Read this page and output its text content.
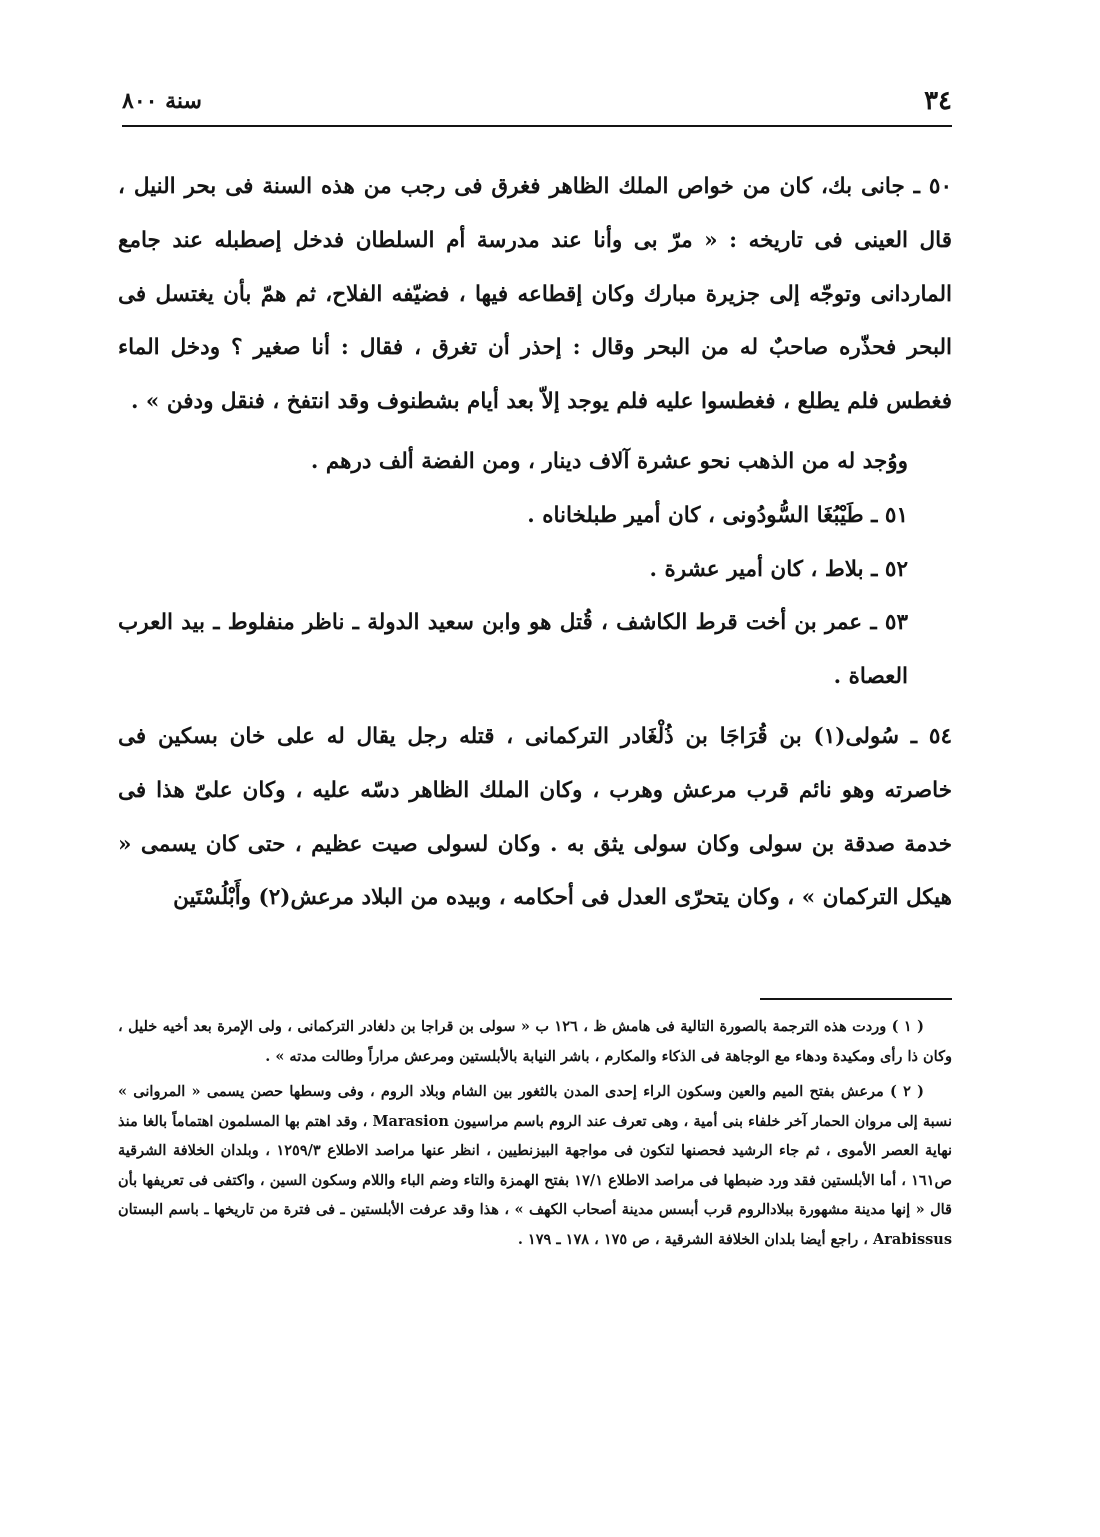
٣٤
سنة ٨٠٠

٥٠ ـ جانى بك، كان من خواص الملك الظاهر فغرق فى رجب من هذه السنة فى بحر النيل ، قال العينى فى تاريخه : « مرّ بى وأنا عند مدرسة أم السلطان فدخل إصطبله عند جامع الماردانى وتوجّه إلى جزيرة مبارك وكان إقطاعه فيها ، فضيّفه الفلاح، ثم همّ بأن يغتسل فى البحر فحذّره صاحبٌ له من البحر وقال : إحذر أن تغرق ، فقال : أنا صغير ؟ ودخل الماء فغطس فلم يطلع ، فغطسوا عليه فلم يوجد إلاّ بعد أيام بشطنوف وقد انتفخ ، فنقل ودفن » .

ووُجد له من الذهب نحو عشرة آلاف دينار ، ومن الفضة ألف درهم .

٥١ ـ طَيْبُغَا السُّودُونى ، كان أمير طبلخاناه .

٥٢ ـ بلاط ، كان أمير عشرة .

٥٣ ـ عمر بن أخت قرط الكاشف ، قُتل هو وابن سعيد الدولة ـ ناظر منفلوط ـ بيد العرب العصاة .

٥٤ ـ سُولى(١) بن قُرَاجَا بن ذُلْغَادر التركمانى ، قتله رجل يقال له على خان بسكين فى خاصرته وهو نائم قرب مرعش وهرب ، وكان الملك الظاهر دسّه عليه ، وكان علىّ هذا فى خدمة صدقة بن سولى وكان سولى يثق به . وكان لسولى صيت عظيم ، حتى كان يسمى « هيكل التركمان » ، وكان يتحرّى العدل فى أحكامه ، وبيده من البلاد مرعش(٢) وأَبْلُسْتَين

( ١ ) وردت هذه الترجمة بالصورة التالية فى هامش ظ ، ١٢٦ ب « سولى بن قراجا بن دلغادر التركمانى ، ولى الإمرة بعد أخيه خليل ، وكان ذا رأى ومكيدة ودهاء مع الوجاهة فى الذكاء والمكارم ، باشر النيابة بالأبلستين ومرعش مراراً وطالت مدته » .

( ٢ ) مرعش بفتح الميم والعين وسكون الراء إحدى المدن بالثغور بين الشام وبلاد الروم ، وفى وسطها حصن يسمى « المروانى » نسبة إلى مروان الحمار آخر خلفاء بنى أمية ، وهى تعرف عند الروم باسم مراسيون Marasion ، وقد اهتم بها المسلمون اهتماماً بالغا منذ نهاية العصر الأموى ، ثم جاء الرشيد فحصنها لتكون فى مواجهة البيزنطيين ، انظر عنها مراصد الاطلاع ١٢٥٩/٣ ، وبلدان الخلافة الشرقية ص١٦١ ، أما الأبلستين فقد ورد ضبطها فى مراصد الاطلاع ١٧/١ بفتح الهمزة والتاء وضم الباء واللام وسكون السين ، واكتفى فى تعريفها بأن قال « إنها مدينة مشهورة ببلادالروم قرب أبسس مدينة أصحاب الكهف » ، هذا وقد عرفت الأبلستين ـ فى فترة من تاريخها ـ باسم البستان Arabissus ، راجع أيضا بلدان الخلافة الشرقية ، ص ١٧٥ ، ١٧٨ ـ ١٧٩ .
